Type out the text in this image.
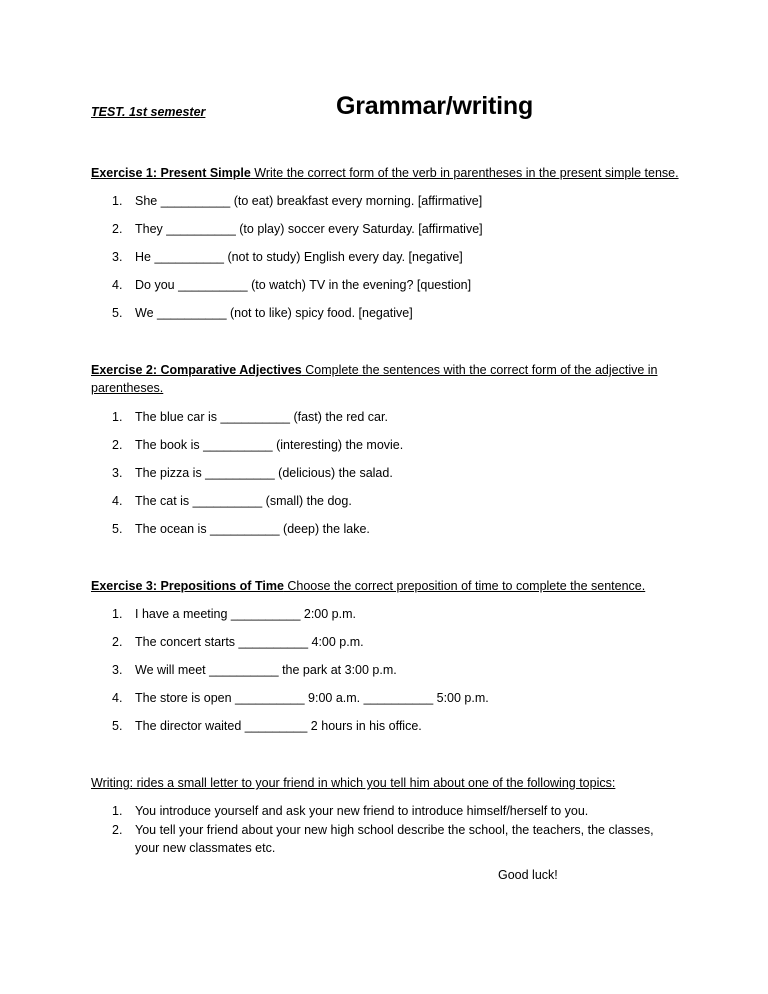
TEST. 1st semester	Grammar/writing
Exercise 1: Present Simple Write the correct form of the verb in parentheses in the present simple tense.
1. She __________ (to eat) breakfast every morning. [affirmative]
2. They __________ (to play) soccer every Saturday. [affirmative]
3. He __________ (not to study) English every day. [negative]
4. Do you __________ (to watch) TV in the evening? [question]
5. We __________ (not to like) spicy food. [negative]
Exercise 2: Comparative Adjectives Complete the sentences with the correct form of the adjective in parentheses.
1. The blue car is __________ (fast) the red car.
2. The book is __________ (interesting) the movie.
3. The pizza is __________ (delicious) the salad.
4. The cat is __________ (small) the dog.
5. The ocean is __________ (deep) the lake.
Exercise 3: Prepositions of Time Choose the correct preposition of time to complete the sentence.
1. I have a meeting __________ 2:00 p.m.
2. The concert starts __________ 4:00 p.m.
3. We will meet __________ the park at 3:00 p.m.
4. The store is open __________ 9:00 a.m. __________ 5:00 p.m.
5. The director waited _________ 2 hours in his office.
Writing: rides a small letter to your friend in which you tell him about one of the following topics:
1. You introduce yourself and ask your new friend to introduce himself/herself to you.
2. You tell your friend about your new high school describe the school, the teachers, the classes, your new classmates etc.
Good luck!
